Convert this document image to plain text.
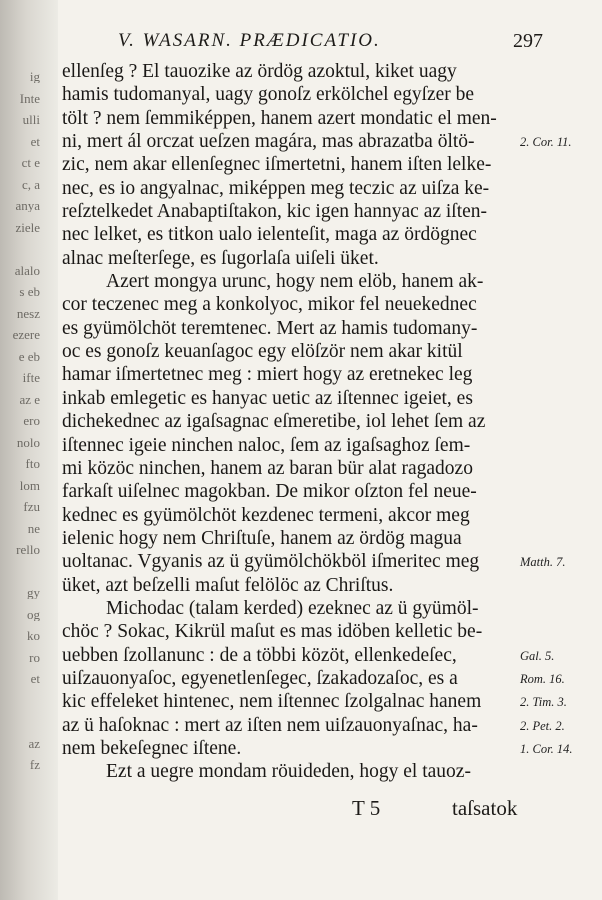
ig
Inte
ulli
et
ct e
c, a
anya
ziele
alalo
s eb
nesz
ezere
e eb
ifte
az e
ero
nolo
fto
lom
fzu
ne
rello
gy
og
ko
ro
et
az
fz
V. WASARN. PRÆDICATIO.	297
ellenſeg ? El tauozike az ördög azoktul, kiket uagy
hamis tudomanyal, uagy gonoſz erkölchel egyſzer be
tölt ? nem ſemmiképpen, hanem azert mondatic el men-
ni, mert ál orczat ueſzen magára, mas abrazatba öltö-
zic, nem akar ellenſegnec iſmertetni, hanem iſten lelke-
nec, es io angyalnac, miképpen meg teczic az uiſza ke-
reſztelkedet Anabaptiſtakon, kic igen hannyac az iſten-
nec lelket, es titkon ualo ielenteſit, maga az ördögnec
alnac meſterſege, es ſugorlaſa uiſeli üket.
Azert mongya urunc, hogy nem elöb, hanem ak-
cor teczenec meg a konkolyoc, mikor fel neuekednec
es gyümölchöt teremtenec. Mert az hamis tudomany-
oc es gonoſz keuanſagoc egy elöſzör nem akar kitül
hamar iſmertetnec meg : miert hogy az eretnekec leg
inkab emlegetic es hanyac uetic az iſtennec igeiet, es
dichekednec az igaſsagnac eſmeretibe, iol lehet ſem az
iſtennec igeie ninchen naloc, ſem az igaſsaghoz ſem-
mi közöc ninchen, hanem az baran bür alat ragadozo
farkaſt uiſelnec magokban. De mikor oſzton fel neue-
kednec es gyümölchöt kezdenec termeni, akcor meg
ielenic hogy nem Chriſtuſe, hanem az ördög magua
uoltanac. Vgyanis az ü gyümölchökböl iſmeritec meg
üket, azt beſzelli maſut felölöc az Chriſtus.
Michodac (talam kerded) ezeknec az ü gyümöl-
chöc ? Sokac, Kikrül maſut es mas idöben kelletic be-
uebben ſzollanunc : de a többi közöt, ellenkedeſec,
uiſzauonyaſoc, egyenetlenſegec, ſzakadozaſoc, es a
kic effeleket hintenec, nem iſtennec ſzolgalnac hanem
az ü haſoknac : mert az iſten nem uiſzauonyaſnac, ha-
nem bekeſegnec iſtene.
Ezt a uegre mondam röuideden, hogy el tauoz-
2. Cor. 11.
Matth. 7.
Gal. 5.
Rom. 16.
2. Tim. 3.
2. Pet. 2.
1. Cor. 14.
T 5	taſsatok
